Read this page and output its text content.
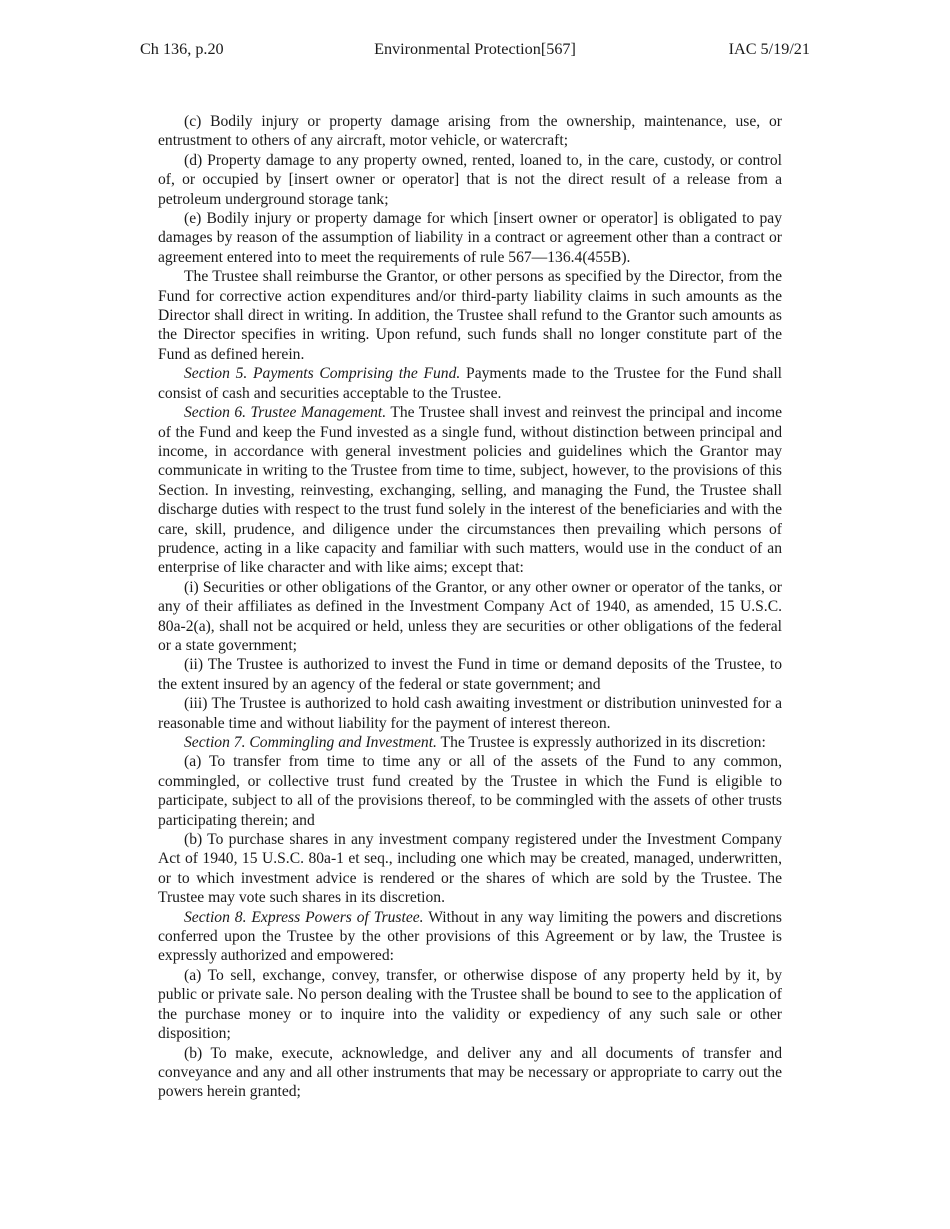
Ch 136, p.20	Environmental Protection[567]	IAC 5/19/21

(c) Bodily injury or property damage arising from the ownership, maintenance, use, or entrustment to others of any aircraft, motor vehicle, or watercraft;

(d) Property damage to any property owned, rented, loaned to, in the care, custody, or control of, or occupied by [insert owner or operator] that is not the direct result of a release from a petroleum underground storage tank;

(e) Bodily injury or property damage for which [insert owner or operator] is obligated to pay damages by reason of the assumption of liability in a contract or agreement other than a contract or agreement entered into to meet the requirements of rule 567—136.4(455B).

The Trustee shall reimburse the Grantor, or other persons as specified by the Director, from the Fund for corrective action expenditures and/or third-party liability claims in such amounts as the Director shall direct in writing. In addition, the Trustee shall refund to the Grantor such amounts as the Director specifies in writing. Upon refund, such funds shall no longer constitute part of the Fund as defined herein.

Section 5. Payments Comprising the Fund. Payments made to the Trustee for the Fund shall consist of cash and securities acceptable to the Trustee.

Section 6. Trustee Management. The Trustee shall invest and reinvest the principal and income of the Fund and keep the Fund invested as a single fund, without distinction between principal and income, in accordance with general investment policies and guidelines which the Grantor may communicate in writing to the Trustee from time to time, subject, however, to the provisions of this Section. In investing, reinvesting, exchanging, selling, and managing the Fund, the Trustee shall discharge duties with respect to the trust fund solely in the interest of the beneficiaries and with the care, skill, prudence, and diligence under the circumstances then prevailing which persons of prudence, acting in a like capacity and familiar with such matters, would use in the conduct of an enterprise of like character and with like aims; except that:

(i) Securities or other obligations of the Grantor, or any other owner or operator of the tanks, or any of their affiliates as defined in the Investment Company Act of 1940, as amended, 15 U.S.C. 80a-2(a), shall not be acquired or held, unless they are securities or other obligations of the federal or a state government;

(ii) The Trustee is authorized to invest the Fund in time or demand deposits of the Trustee, to the extent insured by an agency of the federal or state government; and

(iii) The Trustee is authorized to hold cash awaiting investment or distribution uninvested for a reasonable time and without liability for the payment of interest thereon.

Section 7. Commingling and Investment. The Trustee is expressly authorized in its discretion:

(a) To transfer from time to time any or all of the assets of the Fund to any common, commingled, or collective trust fund created by the Trustee in which the Fund is eligible to participate, subject to all of the provisions thereof, to be commingled with the assets of other trusts participating therein; and

(b) To purchase shares in any investment company registered under the Investment Company Act of 1940, 15 U.S.C. 80a-1 et seq., including one which may be created, managed, underwritten, or to which investment advice is rendered or the shares of which are sold by the Trustee. The Trustee may vote such shares in its discretion.

Section 8. Express Powers of Trustee. Without in any way limiting the powers and discretions conferred upon the Trustee by the other provisions of this Agreement or by law, the Trustee is expressly authorized and empowered:

(a) To sell, exchange, convey, transfer, or otherwise dispose of any property held by it, by public or private sale. No person dealing with the Trustee shall be bound to see to the application of the purchase money or to inquire into the validity or expediency of any such sale or other disposition;

(b) To make, execute, acknowledge, and deliver any and all documents of transfer and conveyance and any and all other instruments that may be necessary or appropriate to carry out the powers herein granted;
